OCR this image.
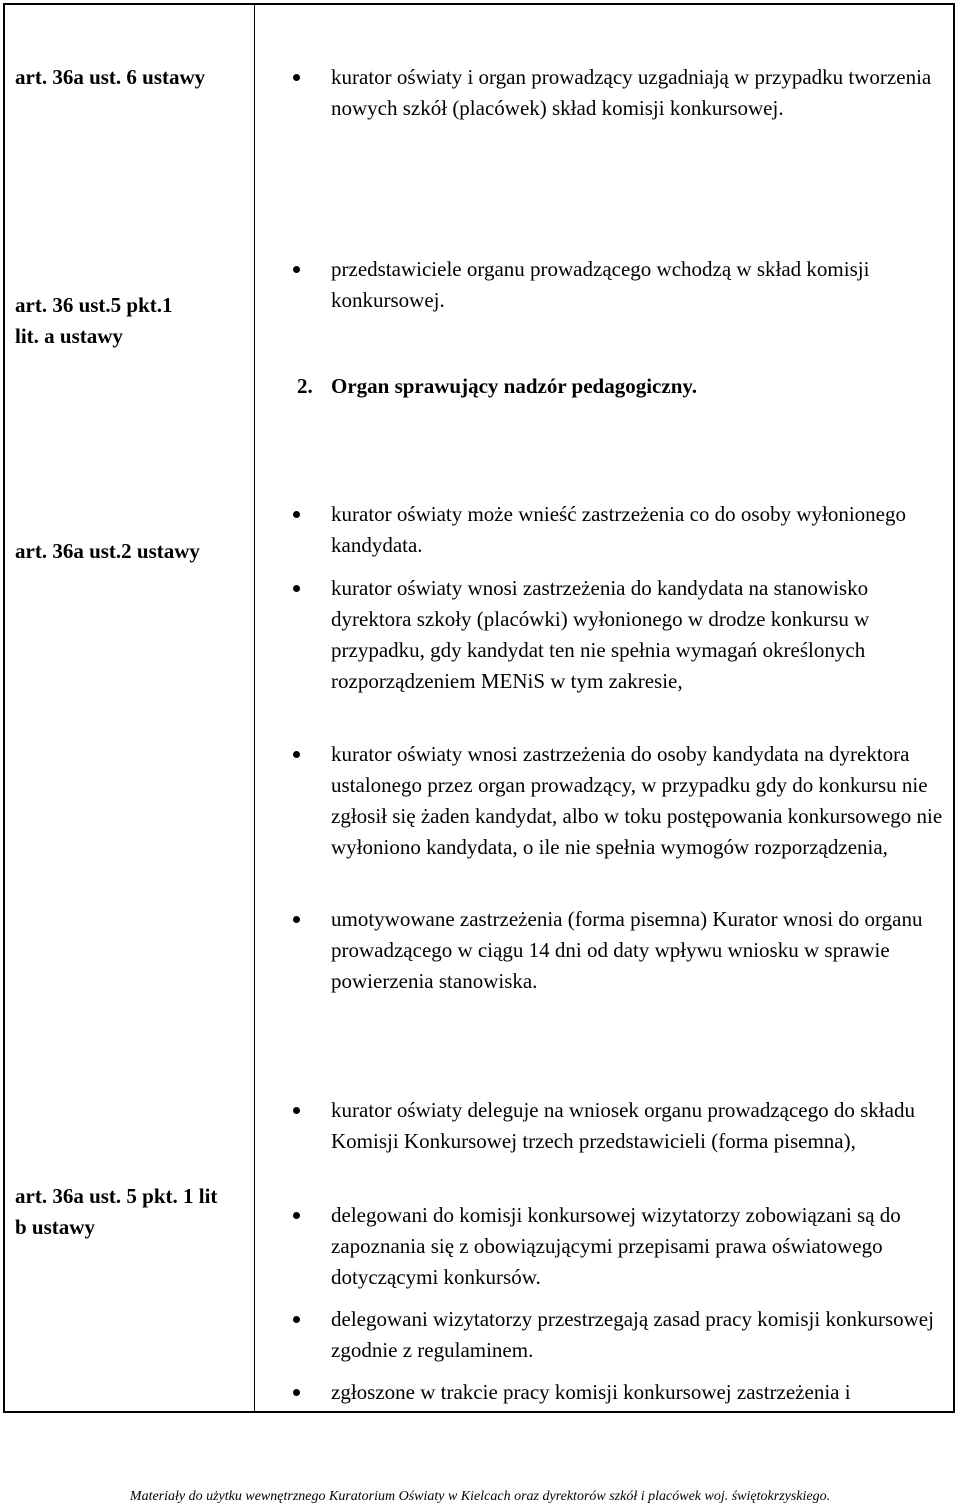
art. 36a ust. 6 ustawy	kurator oświaty i organ prowadzący uzgadniają w przypadku tworzenia nowych szkół (placówek) skład komisji konkursowej.

art. 36 ust.5 pkt.1

lit. a ustawy

przedstawiciele organu prowadzącego wchodzą w skład komisji konkursowej.

2. Organ sprawujący nadzór pedagogiczny.

art. 36a ust.2 ustawy

kurator oświaty może wnieść zastrzeżenia co do osoby wyłonionego kandydata.
kurator oświaty wnosi zastrzeżenia do kandydata na stanowisko dyrektora szkoły (placówki) wyłonionego w drodze konkursu w przypadku, gdy kandydat ten nie spełnia wymagań określonych rozporządzeniem MENiS w tym zakresie,
kurator oświaty wnosi zastrzeżenia do osoby kandydata na dyrektora ustalonego przez organ prowadzący, w przypadku gdy do konkursu nie zgłosił się żaden kandydat, albo w toku postępowania konkursowego nie wyłoniono kandydata, o ile nie spełnia wymogów rozporządzenia,
umotywowane zastrzeżenia (forma pisemna) Kurator wnosi do organu prowadzącego w ciągu 14 dni od daty wpływu wniosku w sprawie powierzenia stanowiska.

art. 36a ust. 5 pkt. 1 lit

b ustawy

kurator oświaty deleguje na wniosek organu prowadzącego do składu Komisji Konkursowej trzech przedstawicieli (forma pisemna),
delegowani do komisji konkursowej wizytatorzy zobowiązani są do zapoznania się z obowiązującymi przepisami prawa oświatowego dotyczącymi konkursów.
delegowani wizytatorzy przestrzegają zasad pracy komisji konkursowej zgodnie z regulaminem.
zgłoszone w trakcie pracy komisji konkursowej zastrzeżenia i
Materiały do użytku wewnętrznego Kuratorium Oświaty w Kielcach oraz dyrektorów szkół i placówek woj. świętokrzyskiego.
